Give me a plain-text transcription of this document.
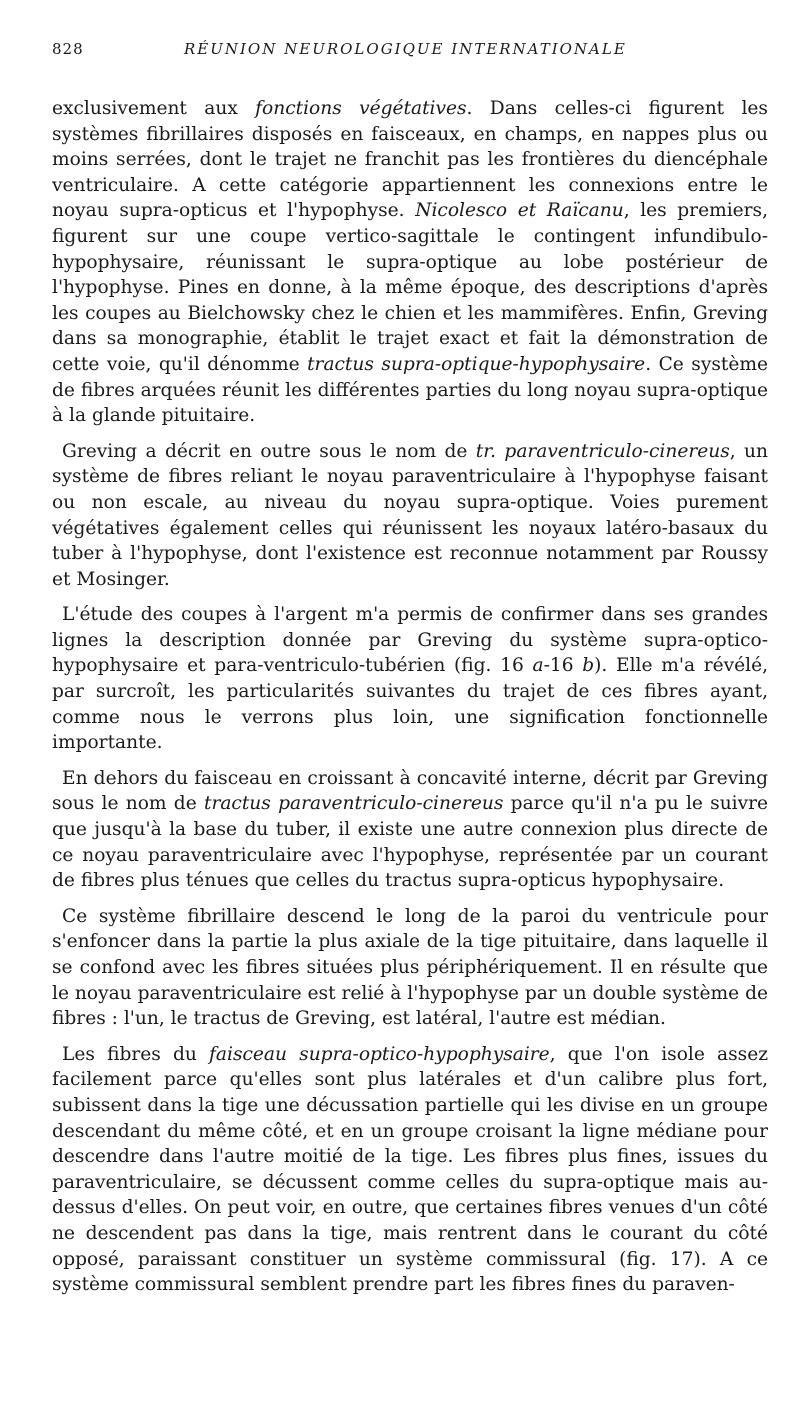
828	RÉUNION NEUROLOGIQUE INTERNATIONALE

exclusivement aux fonctions végétatives. Dans celles-ci figurent les systèmes fibrillaires disposés en faisceaux, en champs, en nappes plus ou moins serrées, dont le trajet ne franchit pas les frontières du diencéphale ventriculaire. A cette catégorie appartiennent les connexions entre le noyau supra-opticus et l'hypophyse. Nicolesco et Raïcanu, les premiers, figurent sur une coupe vertico-sagittale le contingent infundibulo-hypophysaire, réunissant le supra-optique au lobe postérieur de l'hypophyse. Pines en donne, à la même époque, des descriptions d'après les coupes au Bielchowsky chez le chien et les mammifères. Enfin, Greving dans sa monographie, établit le trajet exact et fait la démonstration de cette voie, qu'il dénomme tractus supra-optique-hypophysaire. Ce système de fibres arquées réunit les différentes parties du long noyau supra-optique à la glande pituitaire.

Greving a décrit en outre sous le nom de tr. paraventriculo-cinereus, un système de fibres reliant le noyau paraventriculaire à l'hypophyse faisant ou non escale, au niveau du noyau supra-optique. Voies purement végétatives également celles qui réunissent les noyaux latéro-basaux du tuber à l'hypophyse, dont l'existence est reconnue notamment par Roussy et Mosinger.

L'étude des coupes à l'argent m'a permis de confirmer dans ses grandes lignes la description donnée par Greving du système supra-optico-hypophysaire et para-ventriculo-tubérien (fig. 16 a-16 b). Elle m'a révélé, par surcroît, les particularités suivantes du trajet de ces fibres ayant, comme nous le verrons plus loin, une signification fonctionnelle importante.

En dehors du faisceau en croissant à concavité interne, décrit par Greving sous le nom de tractus paraventriculo-cinereus parce qu'il n'a pu le suivre que jusqu'à la base du tuber, il existe une autre connexion plus directe de ce noyau paraventriculaire avec l'hypophyse, représentée par un courant de fibres plus ténues que celles du tractus supra-opticus hypophysaire.

Ce système fibrillaire descend le long de la paroi du ventricule pour s'enfoncer dans la partie la plus axiale de la tige pituitaire, dans laquelle il se confond avec les fibres situées plus périphériquement. Il en résulte que le noyau paraventriculaire est relié à l'hypophyse par un double système de fibres : l'un, le tractus de Greving, est latéral, l'autre est médian.

Les fibres du faisceau supra-optico-hypophysaire, que l'on isole assez facilement parce qu'elles sont plus latérales et d'un calibre plus fort, subissent dans la tige une décussation partielle qui les divise en un groupe descendant du même côté, et en un groupe croisant la ligne médiane pour descendre dans l'autre moitié de la tige. Les fibres plus fines, issues du paraventriculaire, se décussent comme celles du supra-optique mais au-dessus d'elles. On peut voir, en outre, que certaines fibres venues d'un côté ne descendent pas dans la tige, mais rentrent dans le courant du côté opposé, paraissant constituer un système commissural (fig. 17). A ce système commissural semblent prendre part les fibres fines du paraven-
